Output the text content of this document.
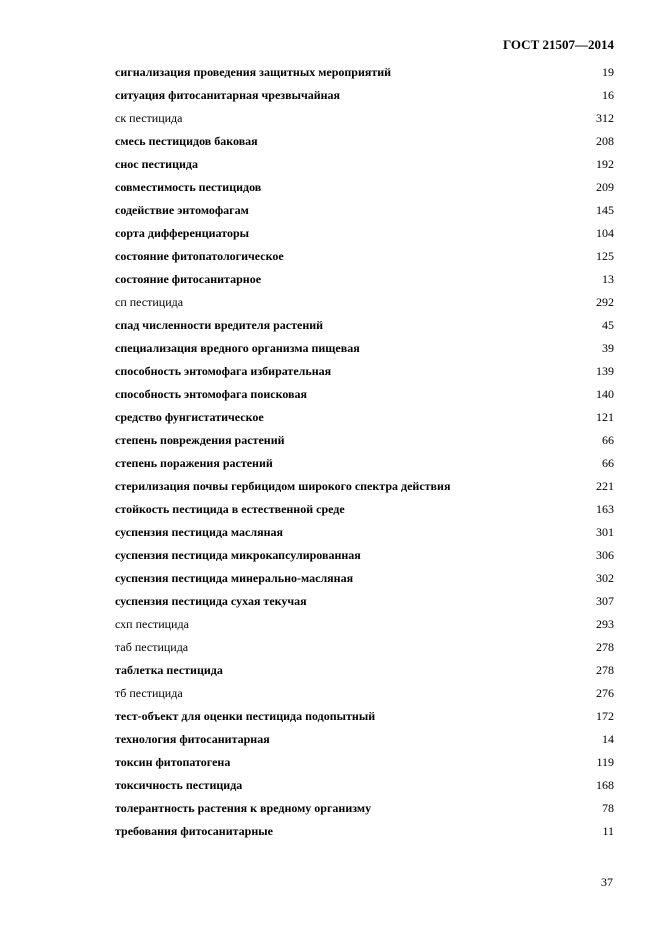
ГОСТ 21507—2014
сигнализация проведения защитных мероприятий	19
ситуация фитосанитарная чрезвычайная	16
ск пестицида	312
смесь пестицидов баковая	208
снос пестицида	192
совместимость пестицидов	209
содействие энтомофагам	145
сорта дифференциаторы	104
состояние фитопатологическое	125
состояние фитосанитарное	13
сп пестицида	292
спад численности вредителя растений	45
специализация вредного организма пищевая	39
способность энтомофага избирательная	139
способность энтомофага поисковая	140
средство фунгистатическое	121
степень повреждения растений	66
степень поражения растений	66
стерилизация почвы гербицидом широкого спектра действия	221
стойкость пестицида в естественной среде	163
суспензия пестицида масляная	301
суспензия пестицида микрокапсулированная	306
суспензия пестицида минерально-масляная	302
суспензия пестицида сухая текучая	307
схп пестицида	293
таб пестицида	278
таблетка пестицида	278
тб пестицида	276
тест-объект для оценки пестицида подопытный	172
технология фитосанитарная	14
токсин фитопатогена	119
токсичность пестицида	168
толерантность растения к вредному организму	78
требования фитосанитарные	11
37
